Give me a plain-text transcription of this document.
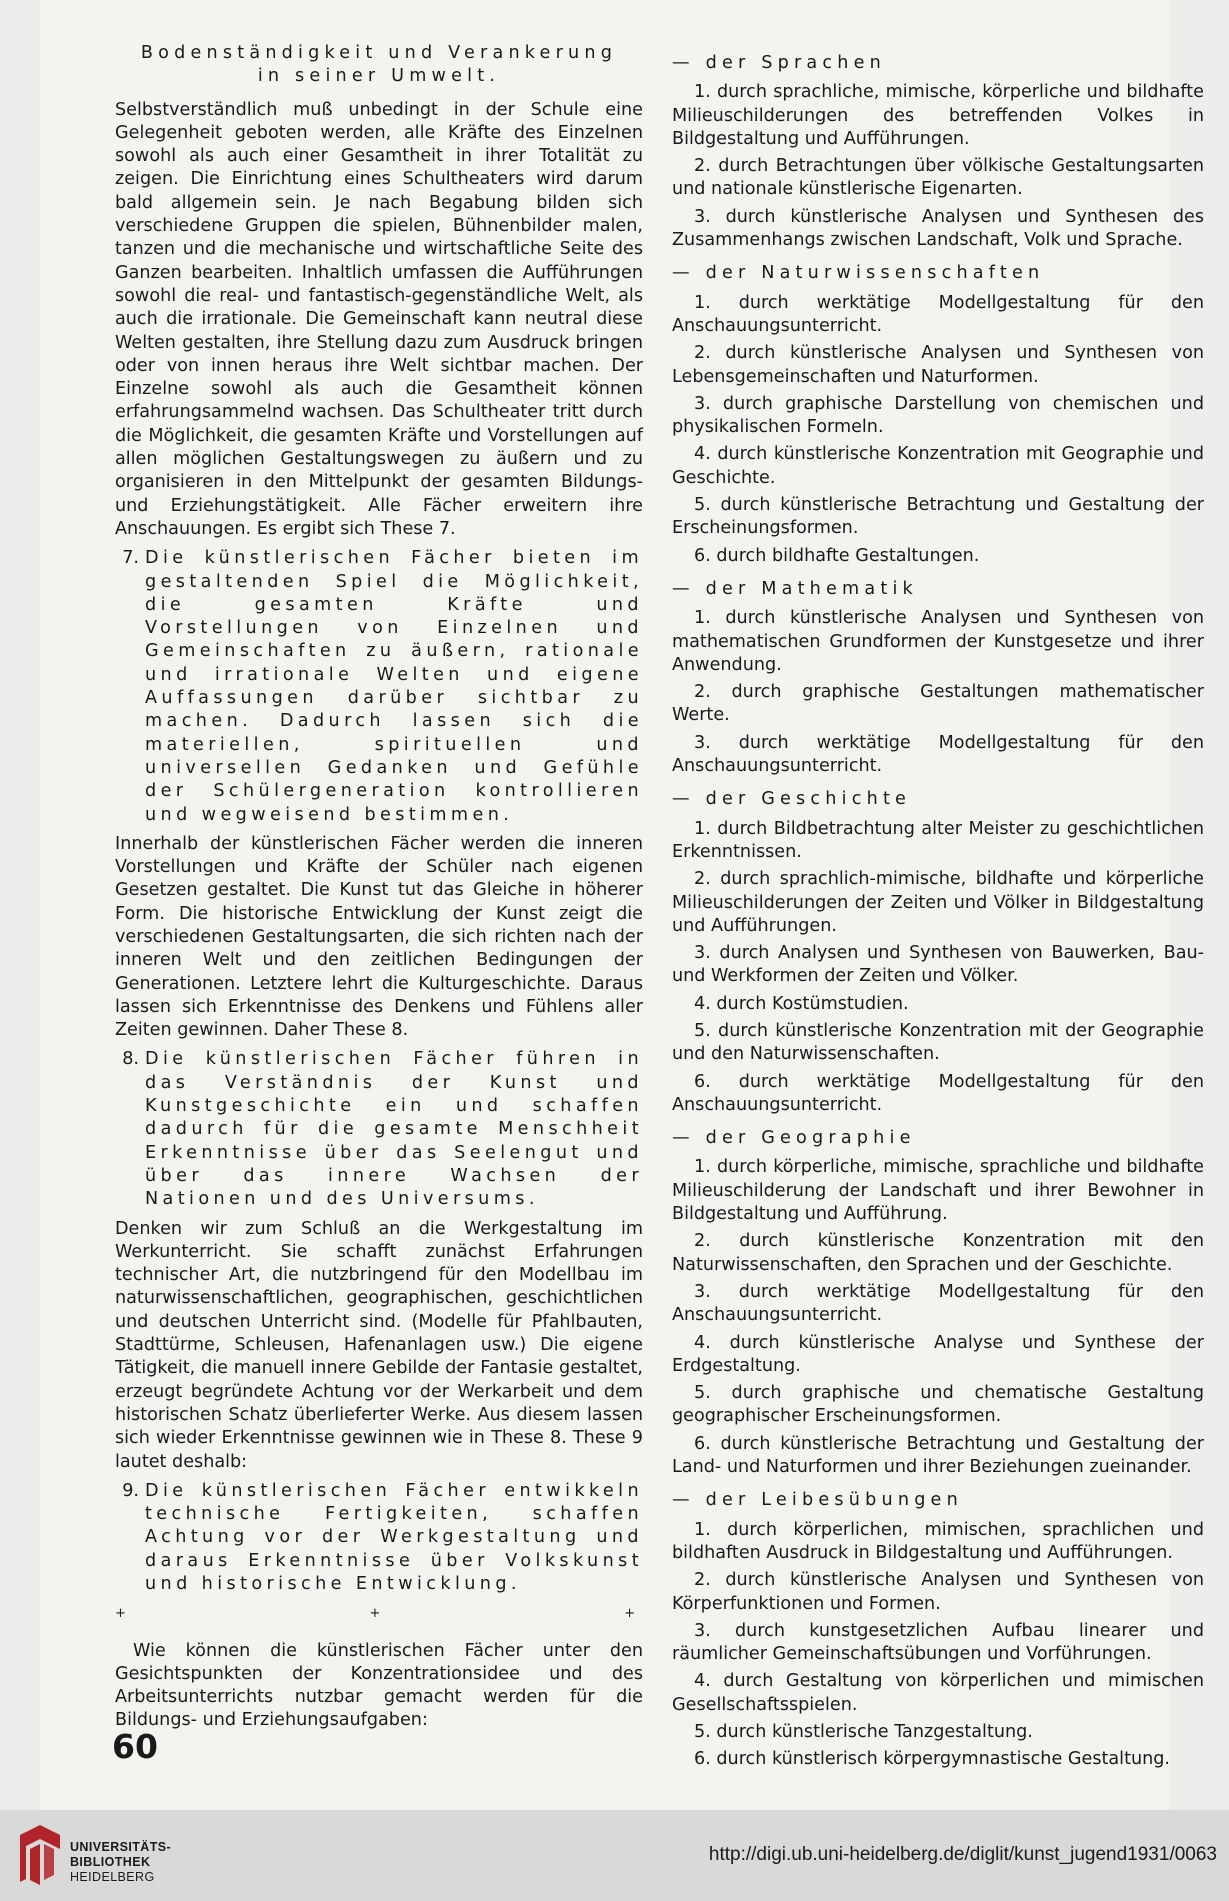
Bodenständigkeit und Verankerung

in seiner Umwelt.

Selbstverständlich muß unbedingt in der Schule eine Gelegenheit geboten werden, alle Kräfte des Einzelnen sowohl als auch einer Gesamtheit in ihrer Totalität zu zeigen. Die Einrichtung eines Schultheaters wird darum bald allgemein sein. Je nach Begabung bilden sich verschiedene Gruppen die spielen, Bühnenbilder malen, tanzen und die mechanische und wirtschaftliche Seite des Ganzen bearbeiten. Inhaltlich umfassen die Aufführungen sowohl die real- und fantastisch-gegenständliche Welt, als auch die irrationale. Die Gemeinschaft kann neutral diese Welten gestalten, ihre Stellung dazu zum Ausdruck bringen oder von innen heraus ihre Welt sichtbar machen. Der Einzelne sowohl als auch die Gesamtheit können erfahrungsammelnd wachsen. Das Schultheater tritt durch die Möglichkeit, die gesamten Kräfte und Vorstellungen auf allen möglichen Gestaltungswegen zu äußern und zu organisieren in den Mittelpunkt der gesamten Bildungs- und Erziehungstätigkeit. Alle Fächer erweitern ihre Anschauungen. Es ergibt sich These 7.

7. Die künstlerischen Fächer bieten im gestaltenden Spiel die Möglichkeit, die gesamten Kräfte und Vorstellungen von Einzelnen und Gemeinschaften zu äußern, rationale und irrationale Welten und eigene Auffassungen darüber sichtbar zu machen. Dadurch lassen sich die materiellen, spirituellen und universellen Gedanken und Gefühle der Schülergeneration kontrollieren und wegweisend bestimmen.

Innerhalb der künstlerischen Fächer werden die inneren Vorstellungen und Kräfte der Schüler nach eigenen Gesetzen gestaltet. Die Kunst tut das Gleiche in höherer Form. Die historische Entwicklung der Kunst zeigt die verschiedenen Gestaltungsarten, die sich richten nach der inneren Welt und den zeitlichen Bedingungen der Generationen. Letztere lehrt die Kulturgeschichte. Daraus lassen sich Erkenntnisse des Denkens und Fühlens aller Zeiten gewinnen. Daher These 8.

8. Die künstlerischen Fächer führen in das Verständnis der Kunst und Kunstgeschichte ein und schaffen dadurch für die gesamte Menschheit Erkenntnisse über das Seelengut und über das innere Wachsen der Nationen und des Universums.

Denken wir zum Schluß an die Werkgestaltung im Werkunterricht. Sie schafft zunächst Erfahrungen technischer Art, die nutzbringend für den Modellbau im naturwissenschaftlichen, geographischen, geschichtlichen und deutschen Unterricht sind. (Modelle für Pfahlbauten, Stadttürme, Schleusen, Hafenanlagen usw.) Die eigene Tätigkeit, die manuell innere Gebilde der Fantasie gestaltet, erzeugt begründete Achtung vor der Werkarbeit und dem historischen Schatz überlieferter Werke. Aus diesem lassen sich wieder Erkenntnisse gewinnen wie in These 8. These 9 lautet deshalb:

9. Die künstlerischen Fächer entwikkeln technische Fertigkeiten, schaffen Achtung vor der Werkgestaltung und daraus Erkenntnisse über Volkskunst und historische Entwicklung.
+	+	+

Wie können die künstlerischen Fächer unter den Gesichtspunkten der Konzentrationsidee und des Arbeitsunterrichts nutzbar gemacht werden für die Bildungs- und Erziehungsaufgaben:

— der Sprachen

1. durch sprachliche, mimische, körperliche und bildhafte Milieuschilderungen des betreffenden Volkes in Bildgestaltung und Aufführungen.

2. durch Betrachtungen über völkische Gestaltungsarten und nationale künstlerische Eigenarten.

3. durch künstlerische Analysen und Synthesen des Zusammenhangs zwischen Landschaft, Volk und Sprache.

— der Naturwissenschaften

1. durch werktätige Modellgestaltung für den Anschauungsunterricht.

2. durch künstlerische Analysen und Synthesen von Lebensgemeinschaften und Naturformen.

3. durch graphische Darstellung von chemischen und physikalischen Formeln.

4. durch künstlerische Konzentration mit Geographie und Geschichte.

5. durch künstlerische Betrachtung und Gestaltung der Erscheinungsformen.

6. durch bildhafte Gestaltungen.

— der Mathematik

1. durch künstlerische Analysen und Synthesen von mathematischen Grundformen der Kunstgesetze und ihrer Anwendung.

2. durch graphische Gestaltungen mathematischer Werte.

3. durch werktätige Modellgestaltung für den Anschauungsunterricht.

— der Geschichte

1. durch Bildbetrachtung alter Meister zu geschichtlichen Erkenntnissen.

2. durch sprachlich-mimische, bildhafte und körperliche Milieuschilderungen der Zeiten und Völker in Bildgestaltung und Aufführungen.

3. durch Analysen und Synthesen von Bauwerken, Bau- und Werkformen der Zeiten und Völker.

4. durch Kostümstudien.

5. durch künstlerische Konzentration mit der Geographie und den Naturwissenschaften.

6. durch werktätige Modellgestaltung für den Anschauungsunterricht.

— der Geographie

1. durch körperliche, mimische, sprachliche und bildhafte Milieuschilderung der Landschaft und ihrer Bewohner in Bildgestaltung und Aufführung.

2. durch künstlerische Konzentration mit den Naturwissenschaften, den Sprachen und der Geschichte.

3. durch werktätige Modellgestaltung für den Anschauungsunterricht.

4. durch künstlerische Analyse und Synthese der Erdgestaltung.

5. durch graphische und chematische Gestaltung geographischer Erscheinungsformen.

6. durch künstlerische Betrachtung und Gestaltung der Land- und Naturformen und ihrer Beziehungen zueinander.

— der Leibesübungen

1. durch körperlichen, mimischen, sprachlichen und bildhaften Ausdruck in Bildgestaltung und Aufführungen.

2. durch künstlerische Analysen und Synthesen von Körperfunktionen und Formen.

3. durch kunstgesetzlichen Aufbau linearer und räumlicher Gemeinschaftsübungen und Vorführungen.

4. durch Gestaltung von körperlichen und mimischen Gesellschaftsspielen.

5. durch künstlerische Tanzgestaltung.

6. durch künstlerisch körpergymnastische Gestaltung.

60
UNIVERSITÄTS-
BIBLIOTHEK
HEIDELBERG
http://digi.ub.uni-heidelberg.de/diglit/kunst_jugend1931/0063
